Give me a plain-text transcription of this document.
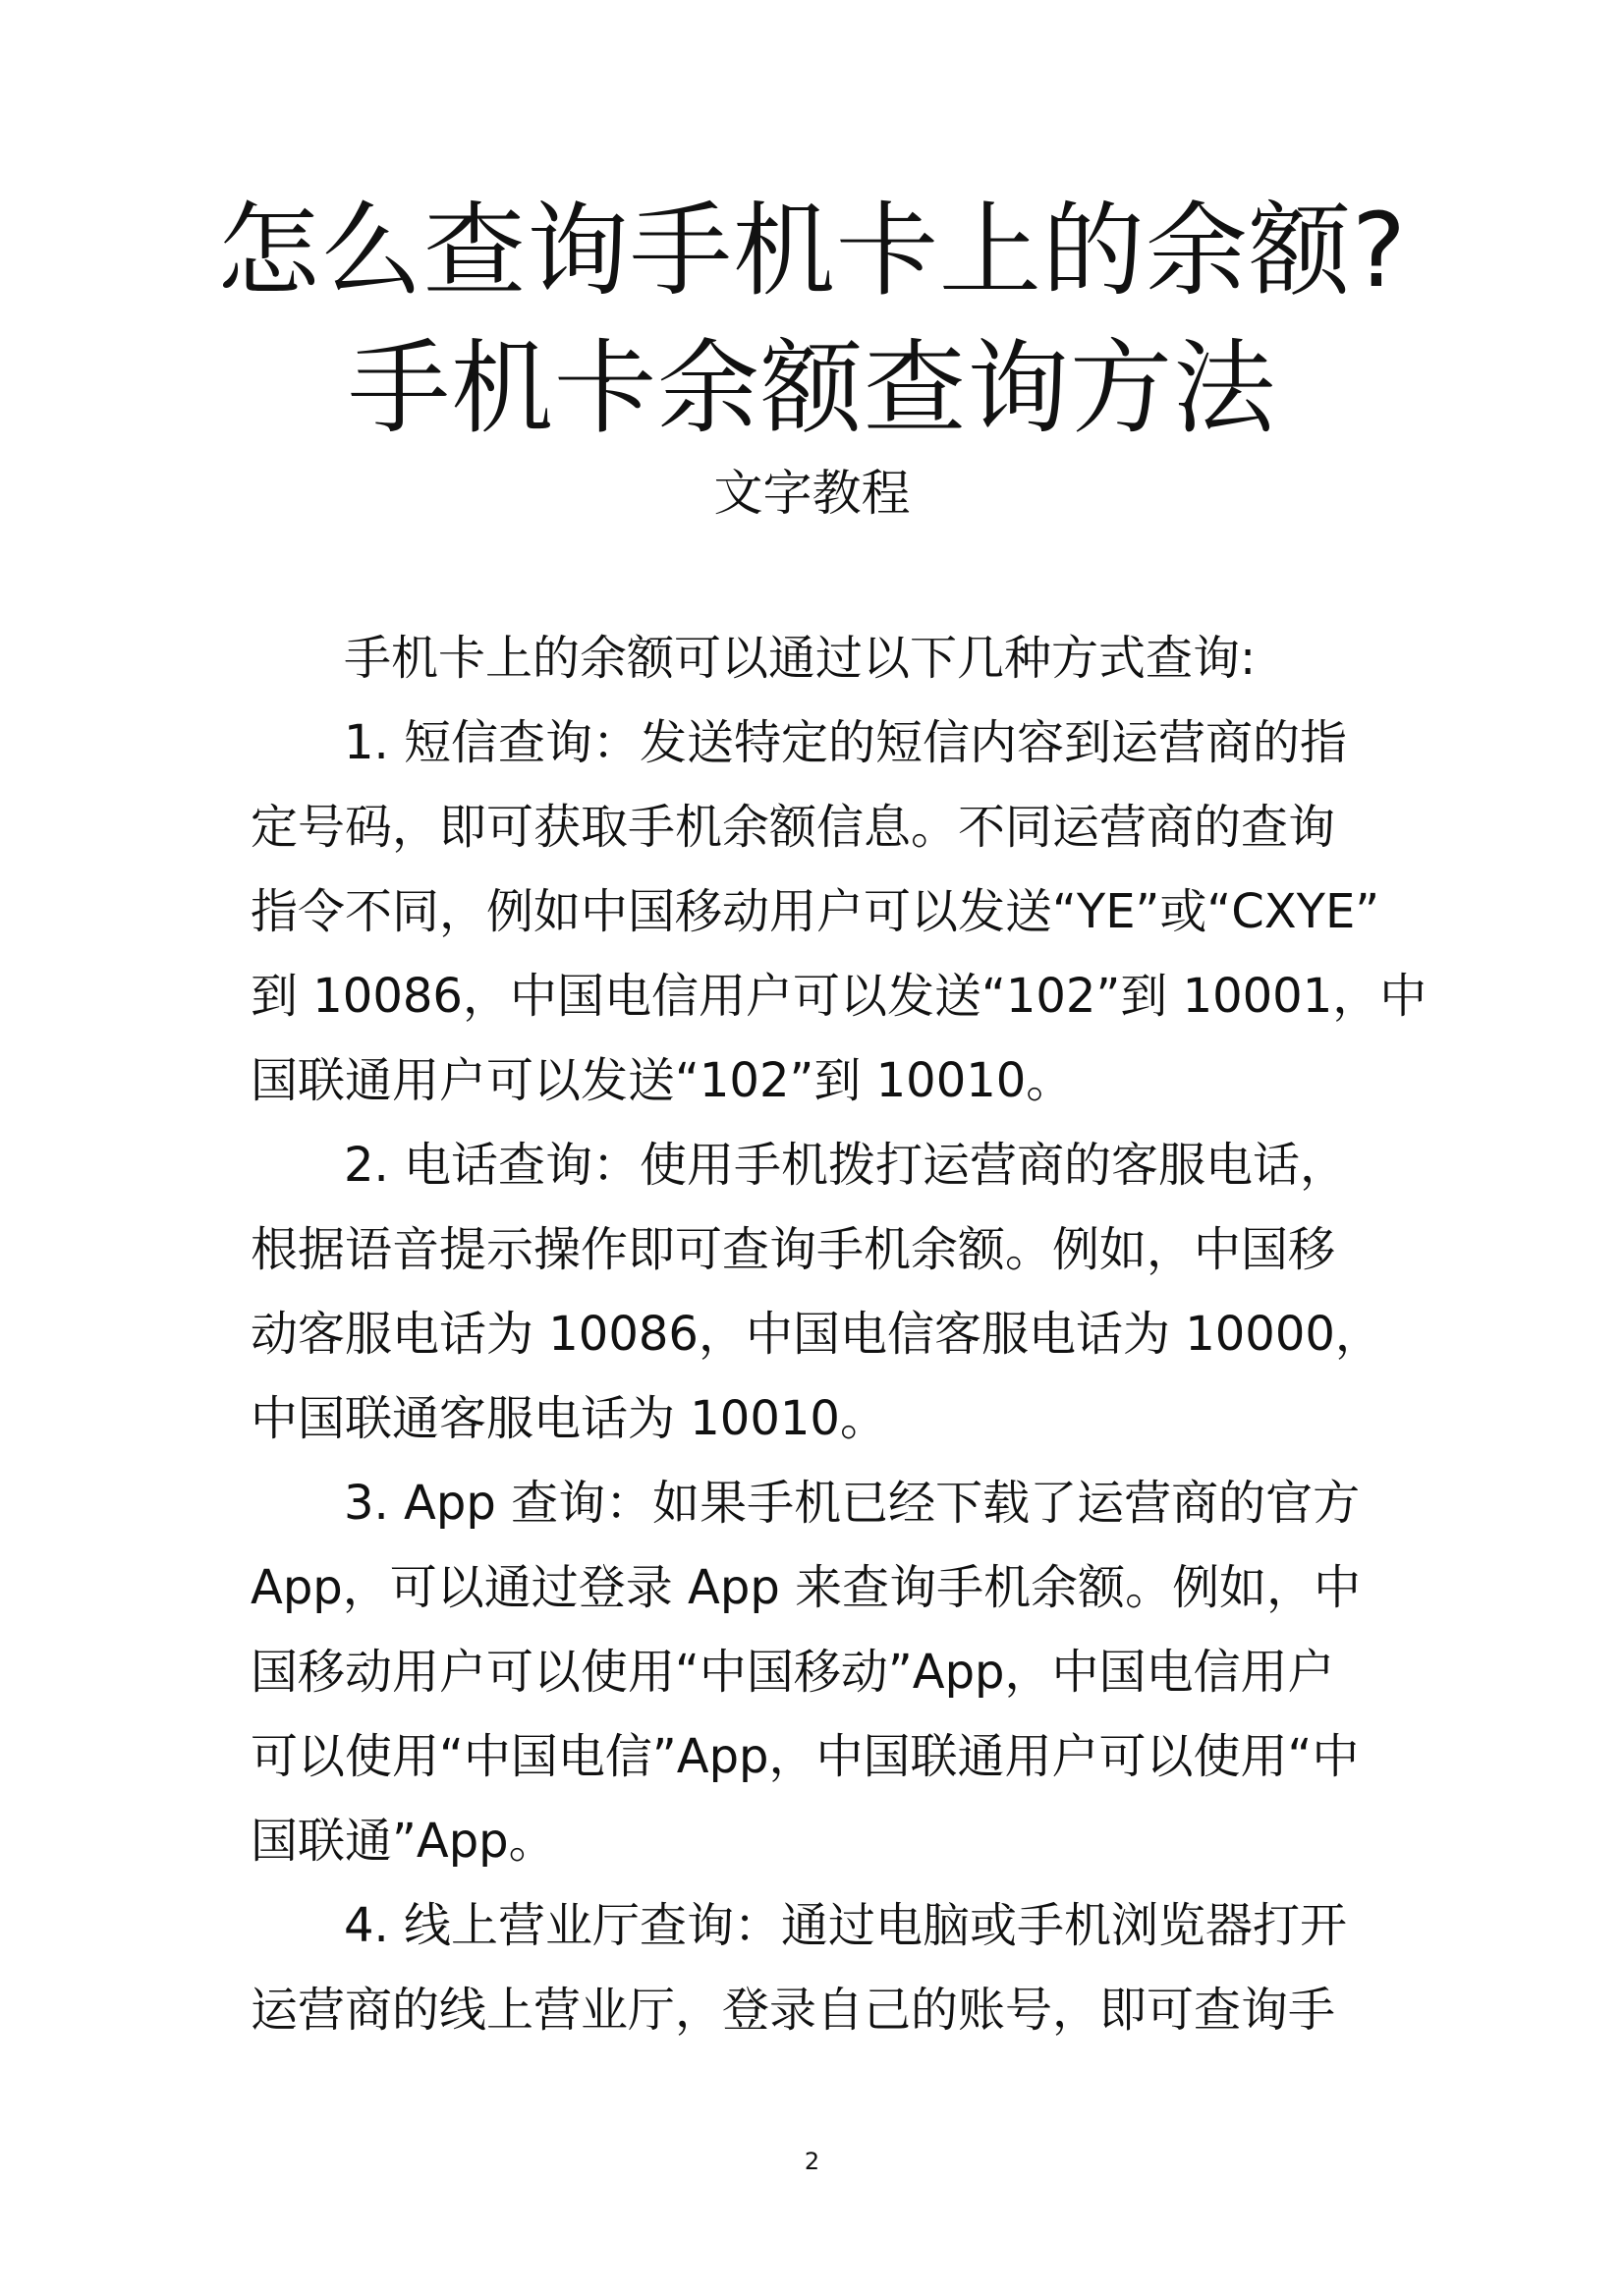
怎么查询手机卡上的余额?
手机卡余额查询方法

文字教程

手机卡上的余额可以通过以下几种方式查询:
1. 短信查询：发送特定的短信内容到运营商的指
定号码，即可获取手机余额信息。不同运营商的查询
指令不同，例如中国移动用户可以发送“YE”或“CXYE”
到 10086，中国电信用户可以发送“102”到 10001，中
国联通用户可以发送“102”到 10010。
2. 电话查询：使用手机拨打运营商的客服电话，
根据语音提示操作即可查询手机余额。例如，中国移
动客服电话为 10086，中国电信客服电话为 10000，
中国联通客服电话为 10010。
3. App 查询：如果手机已经下载了运营商的官方
App，可以通过登录 App 来查询手机余额。例如，中
国移动用户可以使用“中国移动”App，中国电信用户
可以使用“中国电信”App，中国联通用户可以使用“中
国联通”App。
4. 线上营业厅查询：通过电脑或手机浏览器打开
运营商的线上营业厅，登录自己的账号，即可查询手
2
